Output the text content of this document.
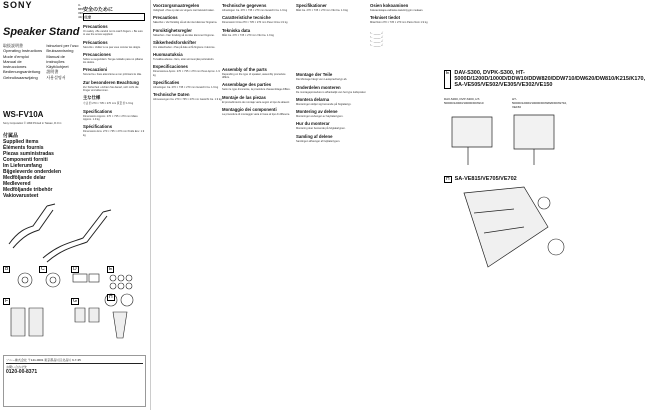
SONY	3-865-330-41(1)
Speaker Stand
取扱説明書
Operating Instructions
Mode d'emploi
Manual de instrucciones
Bedienungsanleitung
Gebruiksaanwijzing
Istruzioni per l'uso
Bruksanvisning
Manual de instruções
Käyttöohjeet
説明書
사용설명서
WS-FV10A
Sony Corporation © 1999 Printed in Taiwan, R.O.C.
付属品
Supplied items
Éléments fournis
Piezas suministradas
Componenti forniti
Im Lieferumfang
Bijgeleverde onderdelen
Medföljande delar
Medlevered
Medföljande tribehör
Vakiovarusteet
B	C	D	E
F	G
H
ソニー株式会社 〒141-0001 東京都品川区北品川 6-7-35
お問い合わせ先
0120-00-8371
安全のために
注意
Precautions

On safety • Be careful not to catch fingers. • Be sure to use the screw supplied.

Précautions

Sécurité • Veillez à ne pas vous coincer les doigts.

Precauciones

Sobre su seguridad • Tenga cuidado para no pillarse los dedos.

Precauzioni

Sicurezza • Fare attenzione a non pizzicarsi le dita.

Zur besonderen Beachtung

Zur Sicherheit • Achten Sie darauf, sich nicht die Finger einzuklemmen.

主な仕様

寸法 約 270 × 735 × 270 mm 質量 約 1.9 kg

Specifications

Dimensions Approx. 270 × 735 × 270 mm Mass Approx. 1.9 kg

Spécifications

Dimensions Env. 270 × 735 × 270 mm Poids Env. 1.9 kg

Voorzorgsmaatregelen

Veiligheid • Pas op dat uw vingers niet bekneld raken.

Precautions

Säkerhet • Var försiktig så att du inte klämmer fingrarna.

Forsiktighetsregler

Sikkerhet • Vær forsiktig så du ikke klemmer fingrene.

Sikkerhedsforskrifter

Om sikkerheden • Pas på ikke at få fingrene i klemme.

Huomautuksia

Turvallisuudesta • Varo, ettei sormesi jää puristuksiin.

Especificaciones

Dimensiones Aprox. 270 × 735 × 270 mm Peso Aprox. 1.9 kg

Specificaties

Afmetingen Ca. 270 × 735 × 270 mm Gewicht Ca. 1.9 kg

Technische Daten

Abmessungen Ca. 270 × 735 × 270 mm Gewicht Ca. 1.9 kg

Technische gegevens

Afmetingen Ca. 270 × 735 × 270 mm Gewicht Ca. 1.9 kg

Caratteristiche tecniche

Dimensioni Circa 270 × 735 × 270 mm Peso Circa 1.9 kg

Tekniska data

Mått Ca. 270 × 735 × 270 mm Vikt Ca. 1.9 kg

Assembly of the parts

Depending on the type of speaker, assembly procedure differs.

Assemblage des parties

Selon le type d'enceinte, la procédure d'assemblage diffère.

Montaje de las piezas

El procedimiento de montaje varía según el tipo de altavoz.

Montaggio dei componenti

La procedura di montaggio varia in base al tipo di diffusore.

Specifikationer

Mått Ca. 270 × 735 × 270 mm Vikt Ca. 1.9 kg

Montage der Teile

Die Montage hängt vom Lautsprechertyp ab.

Onderdelen monteren

De montageprocedure is afhankelijk van het type luidspreker.

Montera delarna

Monteringen skiljer sig beroende på högtalartyp.

Montering av delene

Monteringen avhenger av høyttalertypen.

Hur du monterar

Montering sker beroende på högtalartypen.

Samling af delene

Samlingen afhænger af højttalertypen.

Osien kokoaminen

Kokoamistapa vaihtelee kaiutintyypin mukaan.

Tekniset tiedot

Mitat Noin 270 × 735 × 270 mm Paino Noin 1.9 kg

ㄴ ____ ✓
ㄴ ____ ✓
ㄴ ____ ✓
ㄴ ____ ✓
E DAV-S300, DVPK-S300, HT-5000D/1200D/1000D/DDW10/DDW820/DDW710/DW620/DW810/K215/K170, SA-VE505/VE502/VE305/VE302/VE150
DAV-S300, DVP-S300, HT-5000D/1200D/1000D/DDW10
HT-5000D/1200D/1000D/DDW820/DDW710, VE150
H SA-VE815/VE705/VE702
